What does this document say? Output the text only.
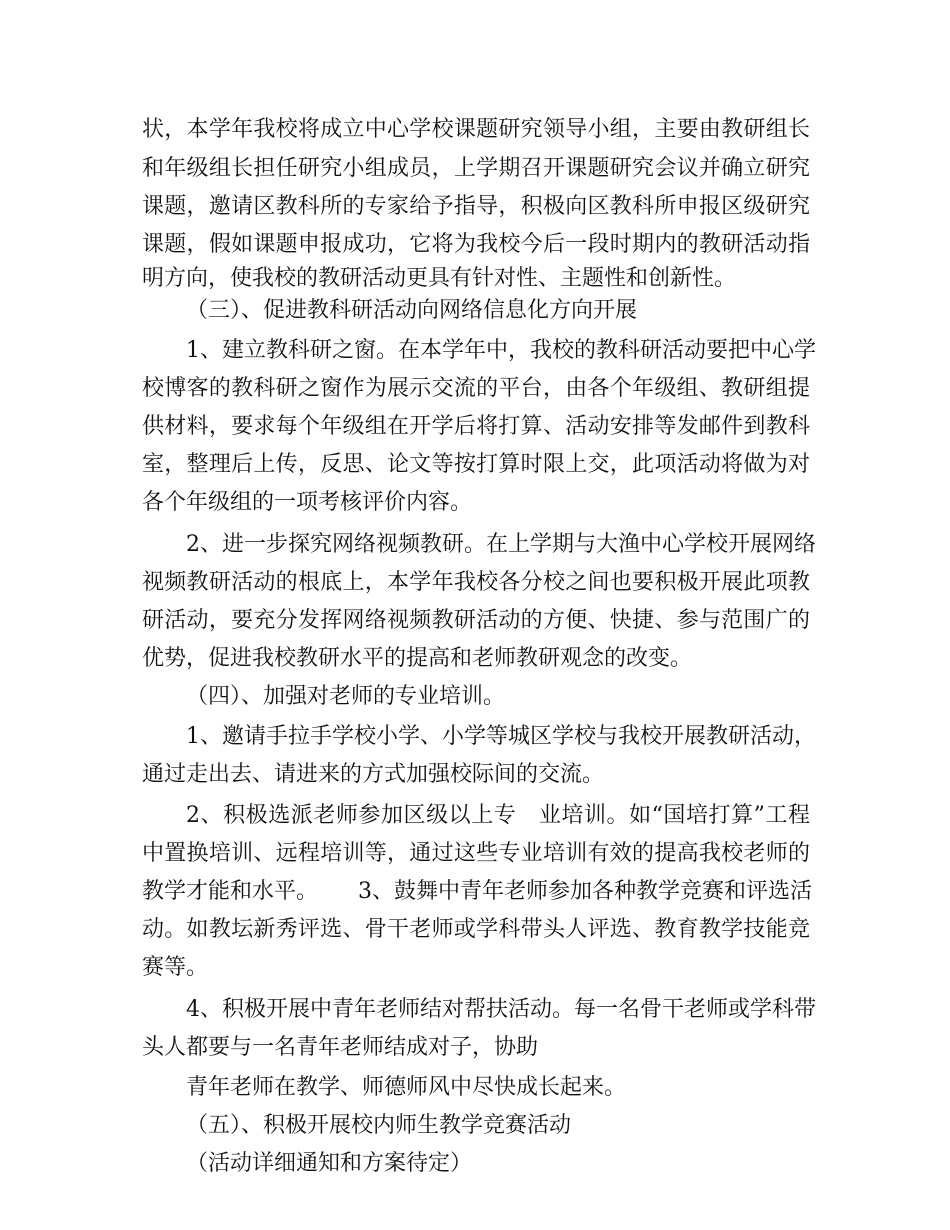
状，本学年我校将成立中心学校课题研究领导小组，主要由教研组长
和年级组长担任研究小组成员，上学期召开课题研究会议并确立研究
课题，邀请区教科所的专家给予指导，积极向区教科所申报区级研究
课题，假如课题申报成功，它将为我校今后一段时期内的教研活动指
明方向，使我校的教研活动更具有针对性、主题性和创新性。
（三）、促进教科研活动向网络信息化方向开展
1、建立教科研之窗。在本学年中，我校的教科研活动要把中心学
校博客的教科研之窗作为展示交流的平台，由各个年级组、教研组提
供材料，要求每个年级组在开学后将打算、活动安排等发邮件到教科
室，整理后上传，反思、论文等按打算时限上交，此项活动将做为对
各个年级组的一项考核评价内容。
2、进一步探究网络视频教研。在上学期与大渔中心学校开展网络
视频教研活动的根底上，本学年我校各分校之间也要积极开展此项教
研活动，要充分发挥网络视频教研活动的方便、快捷、参与范围广的
优势，促进我校教研水平的提高和老师教研观念的改变。
（四）、加强对老师的专业培训。
1、邀请手拉手学校小学、小学等城区学校与我校开展教研活动，
通过走出去、请进来的方式加强校际间的交流。
2、积极选派老师参加区级以上专　业培训。如“国培打算”工程
中置换培训、远程培训等，通过这些专业培训有效的提高我校老师的
教学才能和水平。　　 3、鼓舞中青年老师参加各种教学竞赛和评选活
动。如教坛新秀评选、骨干老师或学科带头人评选、教育教学技能竞
赛等。
4、积极开展中青年老师结对帮扶活动。每一名骨干老师或学科带
头人都要与一名青年老师结成对子，协助
青年老师在教学、师德师风中尽快成长起来。
（五）、积极开展校内师生教学竞赛活动
（活动详细通知和方案待定）
